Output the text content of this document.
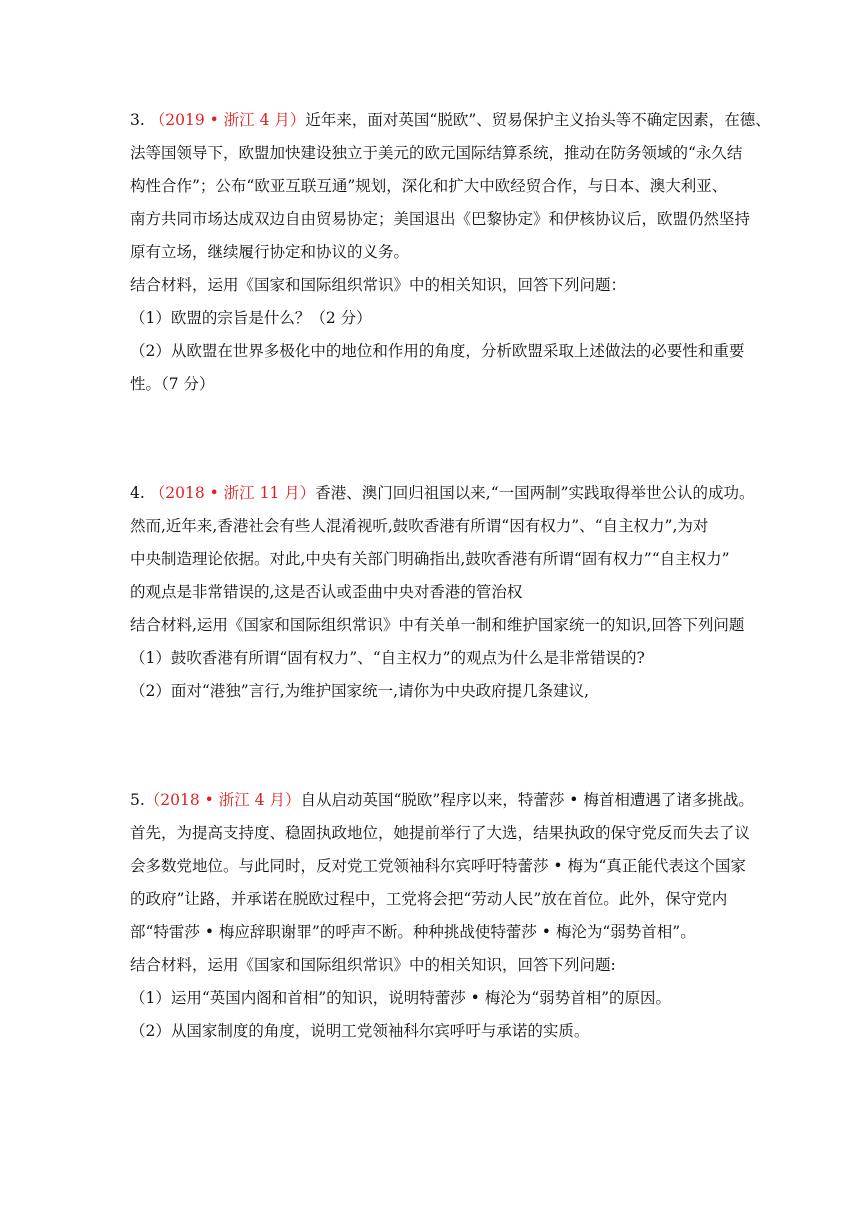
3. （2019 • 浙江 4 月）近年来，面对英国“脱欧”、贸易保护主义抬头等不确定因素，在德、
法等国领导下，欧盟加快建设独立于美元的欧元国际结算系统，推动在防务领域的“永久结
构性合作”；公布“欧亚互联互通”规划，深化和扩大中欧经贸合作，与日本、澳大利亚、
南方共同市场达成双边自由贸易协定；美国退出《巴黎协定》和伊核协议后，欧盟仍然坚持
原有立场，继续履行协定和协议的义务。
结合材料，运用《国家和国际组织常识》中的相关知识，回答下列问题：
（1）欧盟的宗旨是什么？（2 分）
（2）从欧盟在世界多极化中的地位和作用的角度，分析欧盟采取上述做法的必要性和重要
性。（7 分）
4. （2018 • 浙江 11 月）香港、澳门回归祖国以来,“一国两制”实践取得举世公认的成功。
然而,近年来,香港社会有些人混淆视听,鼓吹香港有所谓“因有权力”、“自主权力”,为对
中央制造理论依据。对此,中央有关部门明确指出,鼓吹香港有所谓“固有权力”“自主权力”
的观点是非常错误的,这是否认或歪曲中央对香港的管治权
结合材料,运用《国家和国际组织常识》中有关单一制和维护国家统一的知识,回答下列问题
（1）鼓吹香港有所谓“固有权力”、“自主权力”的观点为什么是非常错误的?
（2）面对“港独”言行,为维护国家统一,请你为中央政府提几条建议,
5.（2018 • 浙江 4 月）自从启动英国“脱欧”程序以来，特蕾莎 • 梅首相遭遇了诸多挑战。
首先，为提高支持度、稳固执政地位，她提前举行了大选，结果执政的保守党反而失去了议
会多数党地位。与此同时，反对党工党领袖科尔宾呼吁特蕾莎 • 梅为“真正能代表这个国家
的政府”让路，并承诺在脱欧过程中，工党将会把“劳动人民”放在首位。此外，保守党内
部“特雷莎 • 梅应辞职谢罪”的呼声不断。种种挑战使特蕾莎 • 梅沦为“弱势首相”。
结合材料，运用《国家和国际组织常识》中的相关知识，回答下列问题:
（1）运用“英国内阁和首相”的知识，说明特蕾莎 • 梅沦为“弱势首相”的原因。
（2）从国家制度的角度，说明工党领袖科尔宾呼吁与承诺的实质。
